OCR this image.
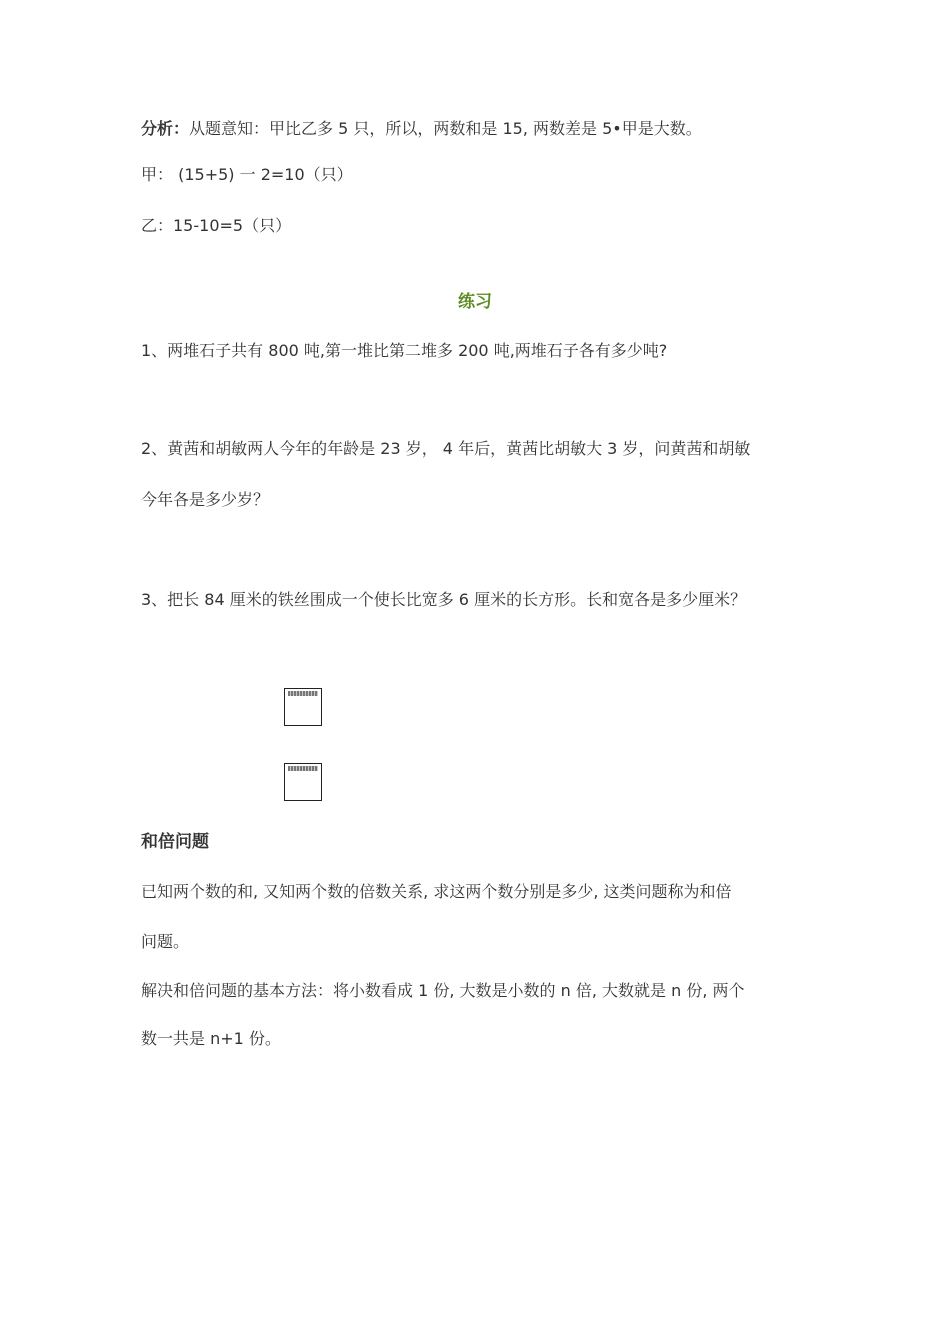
分析：从题意知：甲比乙多 5 只，所以，两数和是 15, 两数差是 5•甲是大数。
甲： (15+5) 一 2=10（只）
乙：15-10=5（只）
练习
1、两堆石子共有 800 吨,第一堆比第二堆多 200 吨,两堆石子各有多少吨?
2、黄茜和胡敏两人今年的年龄是 23 岁， 4 年后，黄茜比胡敏大 3 岁，问黄茜和胡敏
今年各是多少岁？
3、把长 84 厘米的铁丝围成一个使长比宽多 6 厘米的长方形。长和宽各是多少厘米？
和倍问题
已知两个数的和, 又知两个数的倍数关系, 求这两个数分别是多少, 这类问题称为和倍
问题。
解决和倍问题的基本方法：将小数看成 1 份, 大数是小数的 n 倍, 大数就是 n 份, 两个
数一共是 n+1 份。
